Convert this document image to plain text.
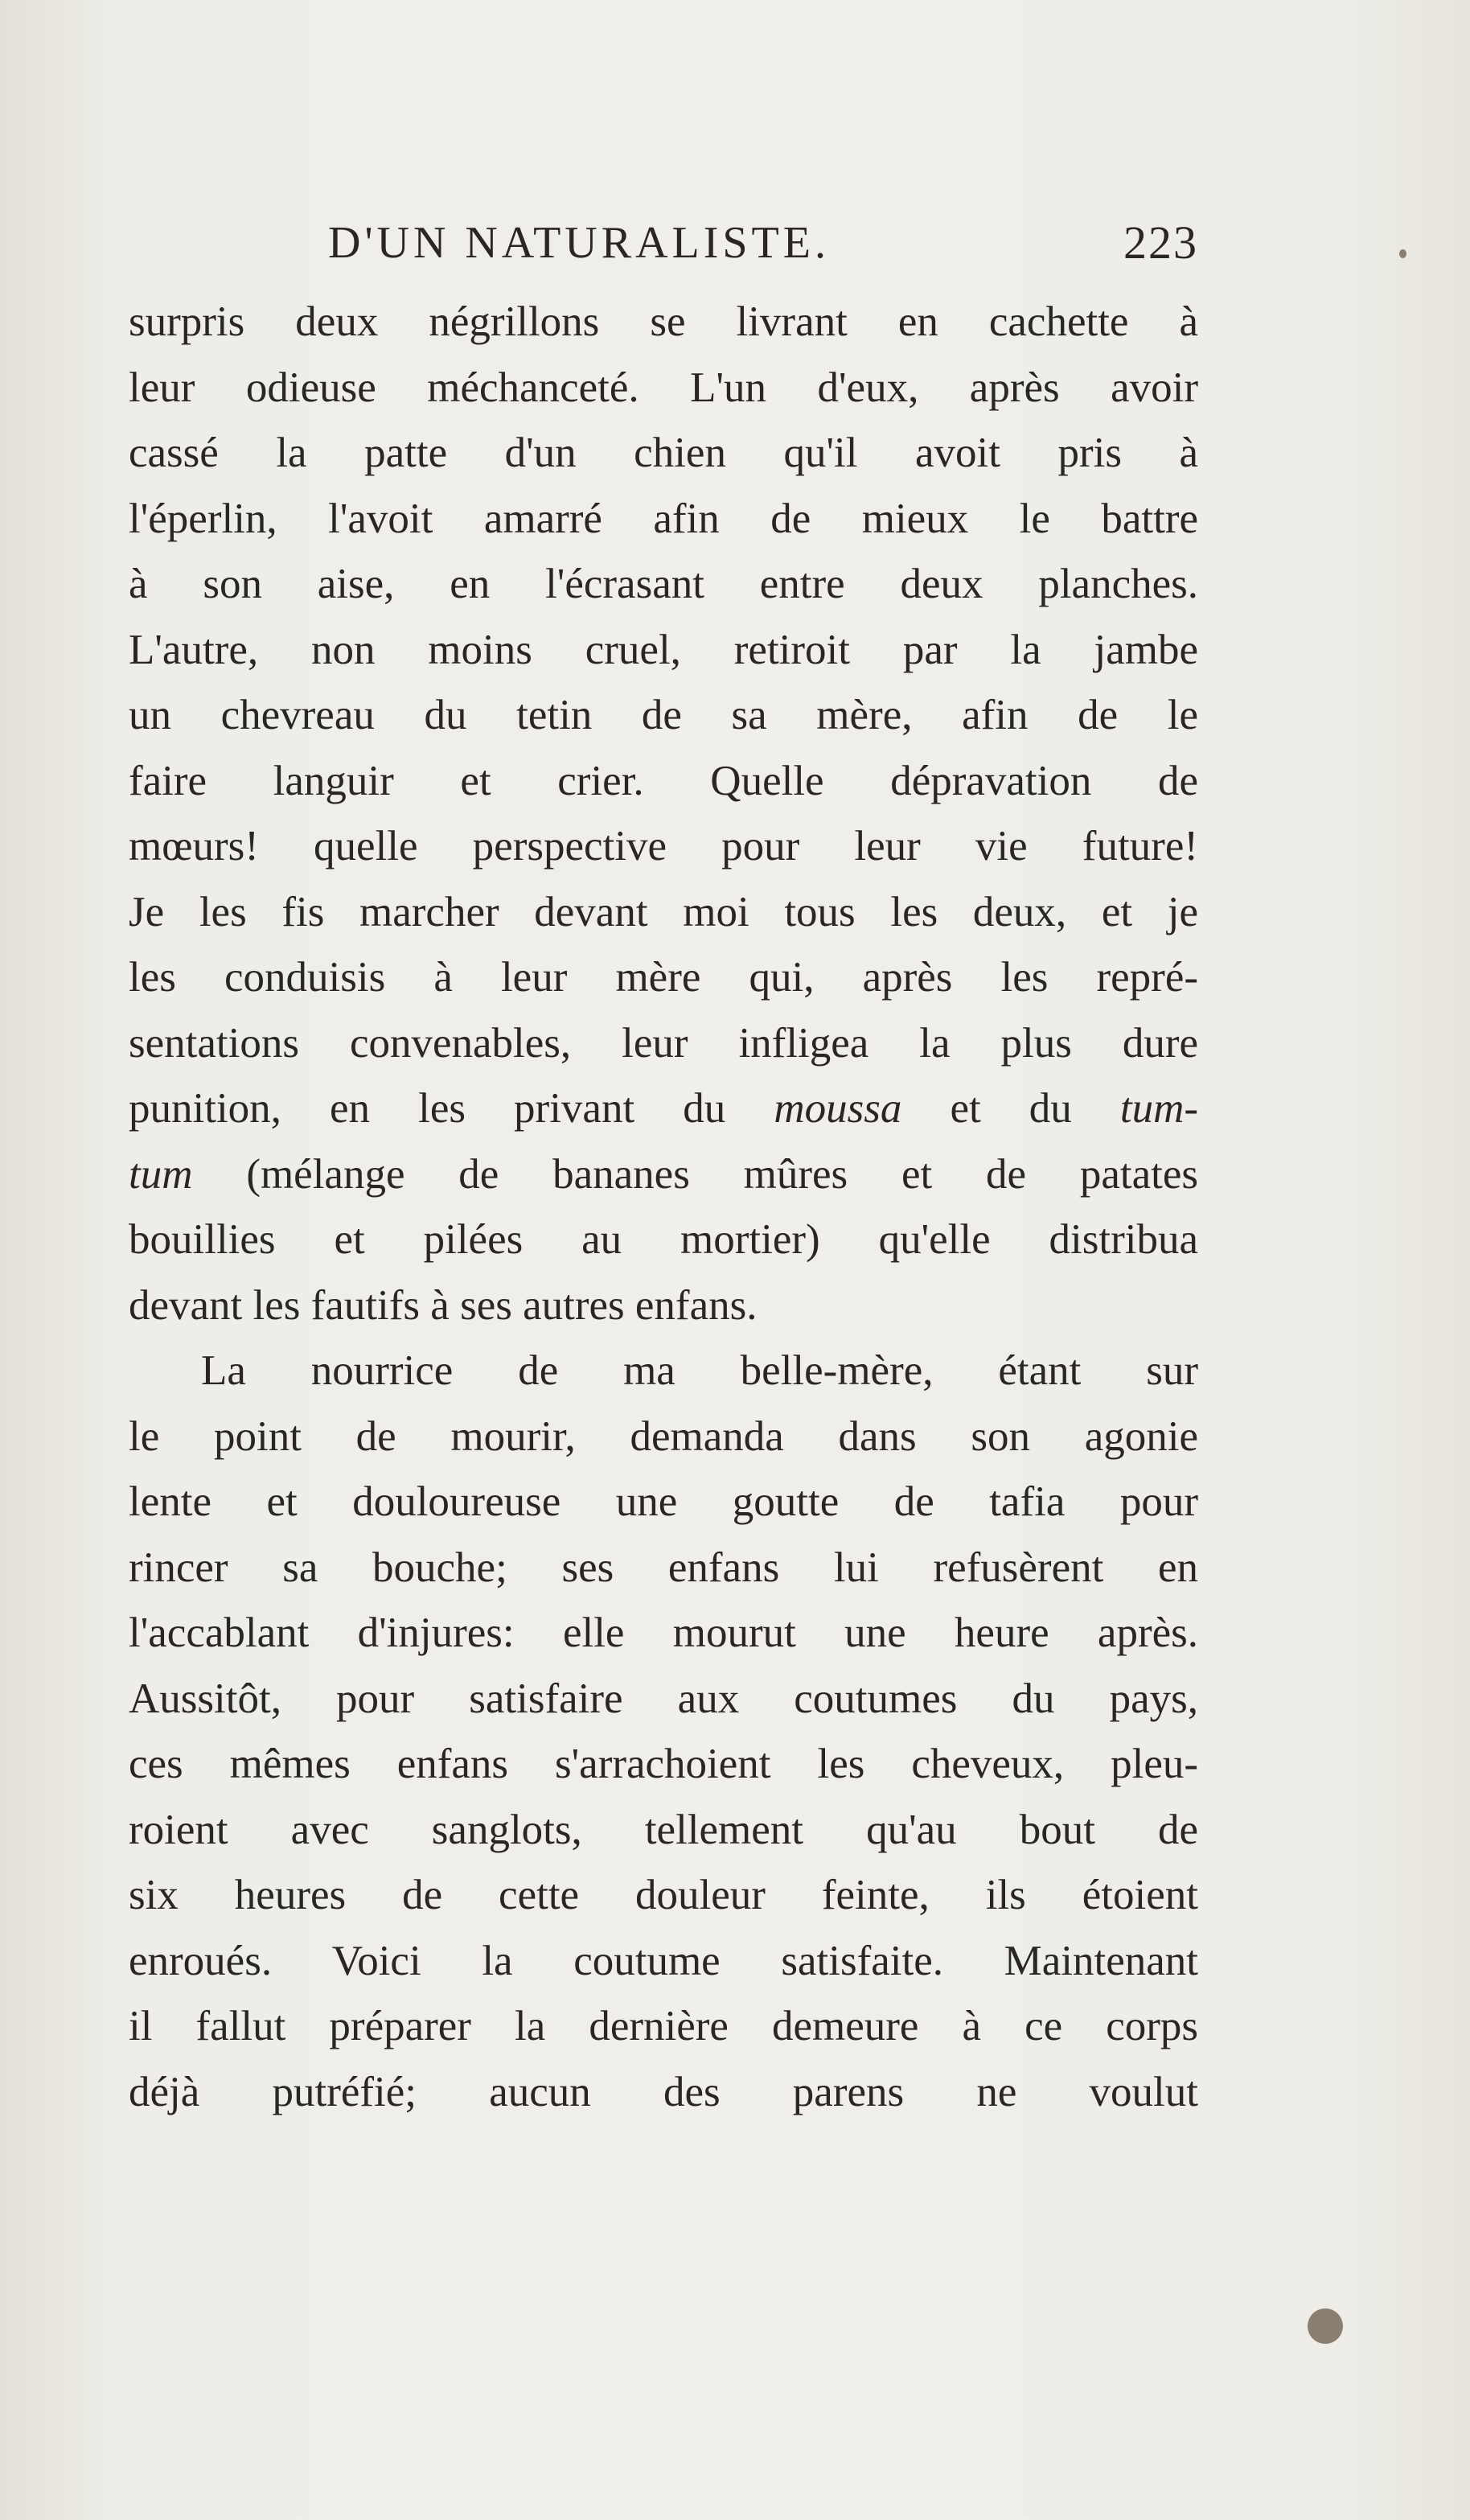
D'UN NATURALISTE.	223
surpris deux négrillons se livrant en cachette à
leur odieuse méchanceté. L'un d'eux, après avoir
cassé la patte d'un chien qu'il avoit pris à
l'éperlin, l'avoit amarré afin de mieux le battre
à son aise, en l'écrasant entre deux planches.
L'autre, non moins cruel, retiroit par la jambe
un chevreau du tetin de sa mère, afin de le
faire languir et crier. Quelle dépravation de
mœurs! quelle perspective pour leur vie future!
Je les fis marcher devant moi tous les deux, et je
les conduisis à leur mère qui, après les repré-
sentations convenables, leur infligea la plus dure
punition, en les privant du moussa et du tum-
tum (mélange de bananes mûres et de patates
bouillies et pilées au mortier) qu'elle distribua
devant les fautifs à ses autres enfans.
La nourrice de ma belle-mère, étant sur
le point de mourir, demanda dans son agonie
lente et douloureuse une goutte de tafia pour
rincer sa bouche; ses enfans lui refusèrent en
l'accablant d'injures: elle mourut une heure après.
Aussitôt, pour satisfaire aux coutumes du pays,
ces mêmes enfans s'arrachoient les cheveux, pleu-
roient avec sanglots, tellement qu'au bout de
six heures de cette douleur feinte, ils étoient
enroués. Voici la coutume satisfaite. Maintenant
il fallut préparer la dernière demeure à ce corps
déjà putréfié; aucun des parens ne voulut
